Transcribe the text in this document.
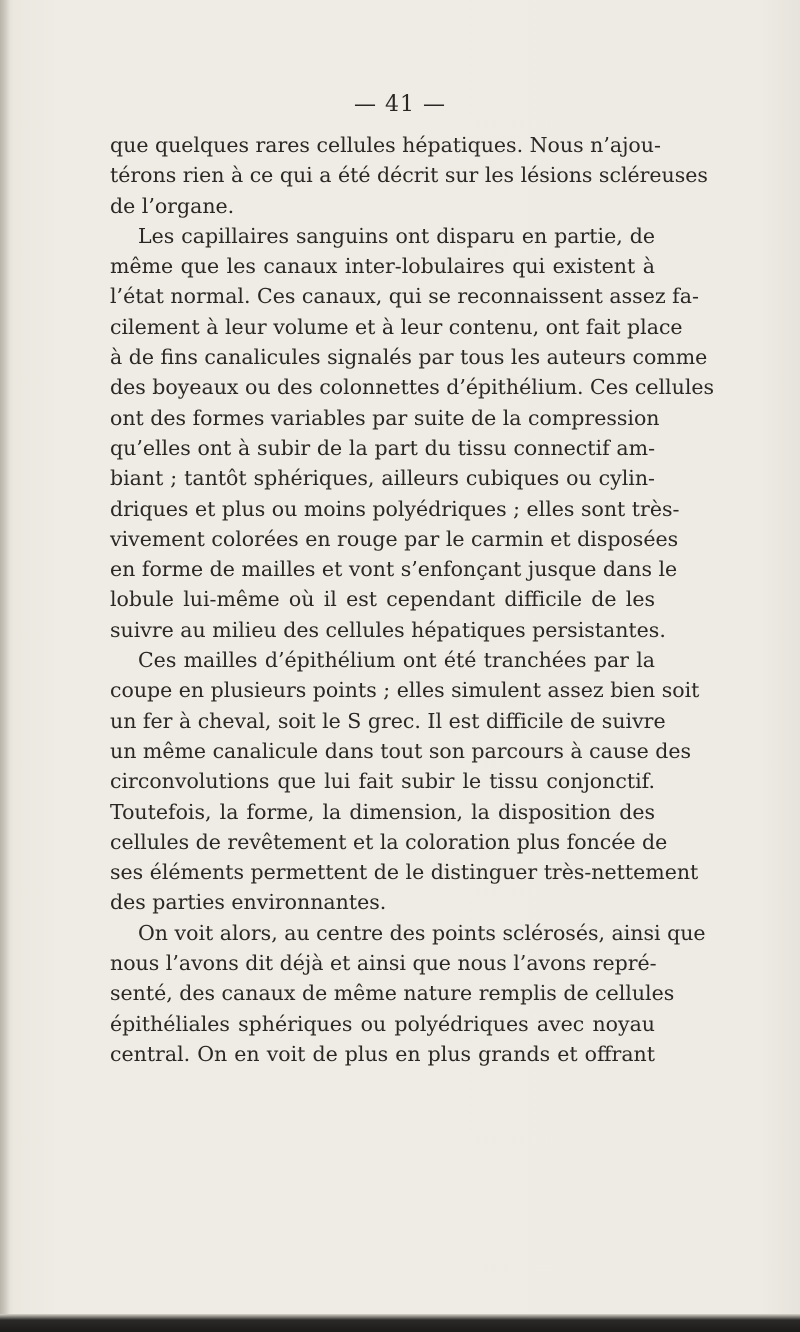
— 41 —
que quelques rares cellules hépatiques. Nous n’ajou-
térons rien à ce qui a été décrit sur les lésions scléreuses
de l’organe.
Les capillaires sanguins ont disparu en partie, de
même que les canaux inter-lobulaires qui existent à
l’état normal. Ces canaux, qui se reconnaissent assez fa-
cilement à leur volume et à leur contenu, ont fait place
à de fins canalicules signalés par tous les auteurs comme
des boyeaux ou des colonnettes d’épithélium. Ces cellules
ont des formes variables par suite de la compression
qu’elles ont à subir de la part du tissu connectif am-
biant ; tantôt sphériques, ailleurs cubiques ou cylin-
driques et plus ou moins polyédriques ; elles sont très-
vivement colorées en rouge par le carmin et disposées
en forme de mailles et vont s’enfonçant jusque dans le
lobule lui-même où il est cependant difficile de les
suivre au milieu des cellules hépatiques persistantes.
Ces mailles d’épithélium ont été tranchées par la
coupe en plusieurs points ; elles simulent assez bien soit
un fer à cheval, soit le S grec. Il est difficile de suivre
un même canalicule dans tout son parcours à cause des
circonvolutions que lui fait subir le tissu conjonctif.
Toutefois, la forme, la dimension, la disposition des
cellules de revêtement et la coloration plus foncée de
ses éléments permettent de le distinguer très-nettement
des parties environnantes.
On voit alors, au centre des points sclérosés, ainsi que
nous l’avons dit déjà et ainsi que nous l’avons repré-
senté, des canaux de même nature remplis de cellules
épithéliales sphériques ou polyédriques avec noyau
central. On en voit de plus en plus grands et offrant
